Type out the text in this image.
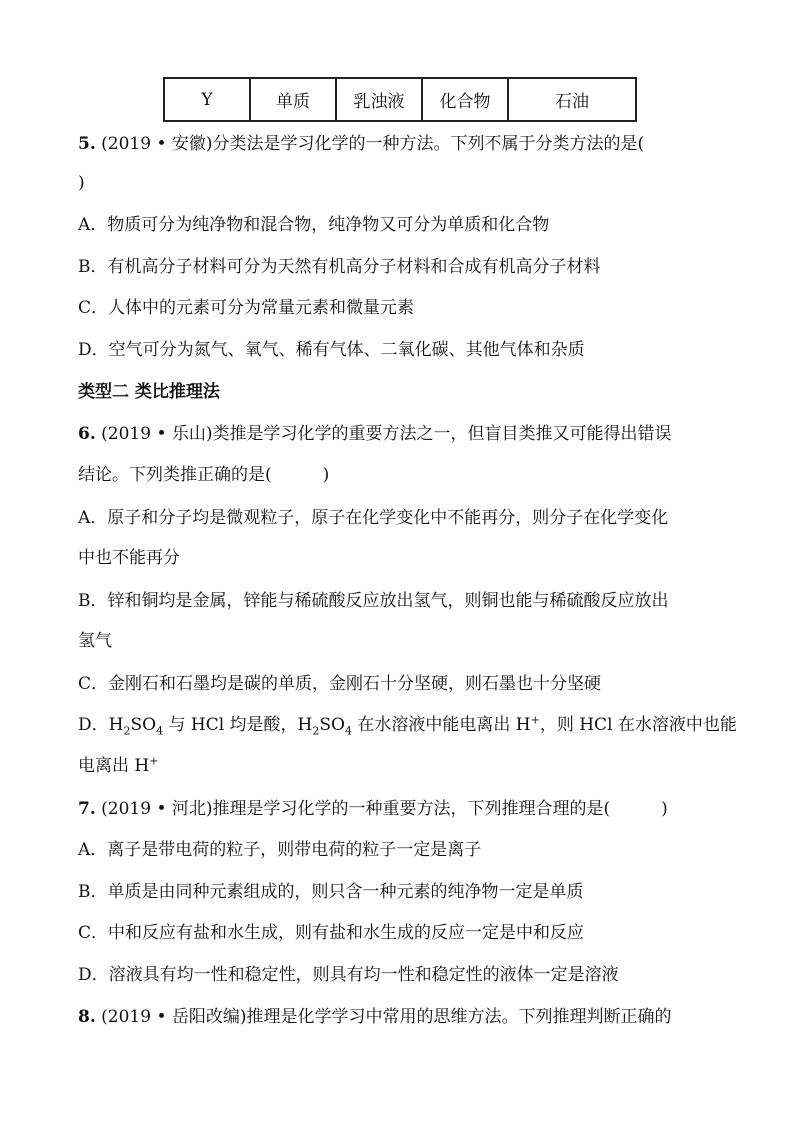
Y	单质	乳浊液	化合物	石油
5. (2019 • 安徽)分类法是学习化学的一种方法。下列不属于分类方法的是(
)
A．物质可分为纯净物和混合物，纯净物又可分为单质和化合物
B．有机高分子材料可分为天然有机高分子材料和合成有机高分子材料
C．人体中的元素可分为常量元素和微量元素
D．空气可分为氮气、氧气、稀有气体、二氧化碳、其他气体和杂质
类型二 类比推理法
6. (2019 • 乐山)类推是学习化学的重要方法之一，但盲目类推又可能得出错误
结论。下列类推正确的是(　　　)
A．原子和分子均是微观粒子，原子在化学变化中不能再分，则分子在化学变化
中也不能再分
B．锌和铜均是金属，锌能与稀硫酸反应放出氢气，则铜也能与稀硫酸反应放出
氢气
C．金刚石和石墨均是碳的单质，金刚石十分坚硬，则石墨也十分坚硬
D．$H_2SO_4$ 与 HCl 均是酸，$H_2SO_4$ 在水溶液中能电离出 H+，则 HCl 在水溶液中也能
电离出 H+
7. (2019 • 河北)推理是学习化学的一种重要方法，下列推理合理的是(　　　)
A．离子是带电荷的粒子，则带电荷的粒子一定是离子
B．单质是由同种元素组成的，则只含一种元素的纯净物一定是单质
C．中和反应有盐和水生成，则有盐和水生成的反应一定是中和反应
D．溶液具有均一性和稳定性，则具有均一性和稳定性的液体一定是溶液
8. (2019 • 岳阳改编)推理是化学学习中常用的思维方法。下列推理判断正确的
